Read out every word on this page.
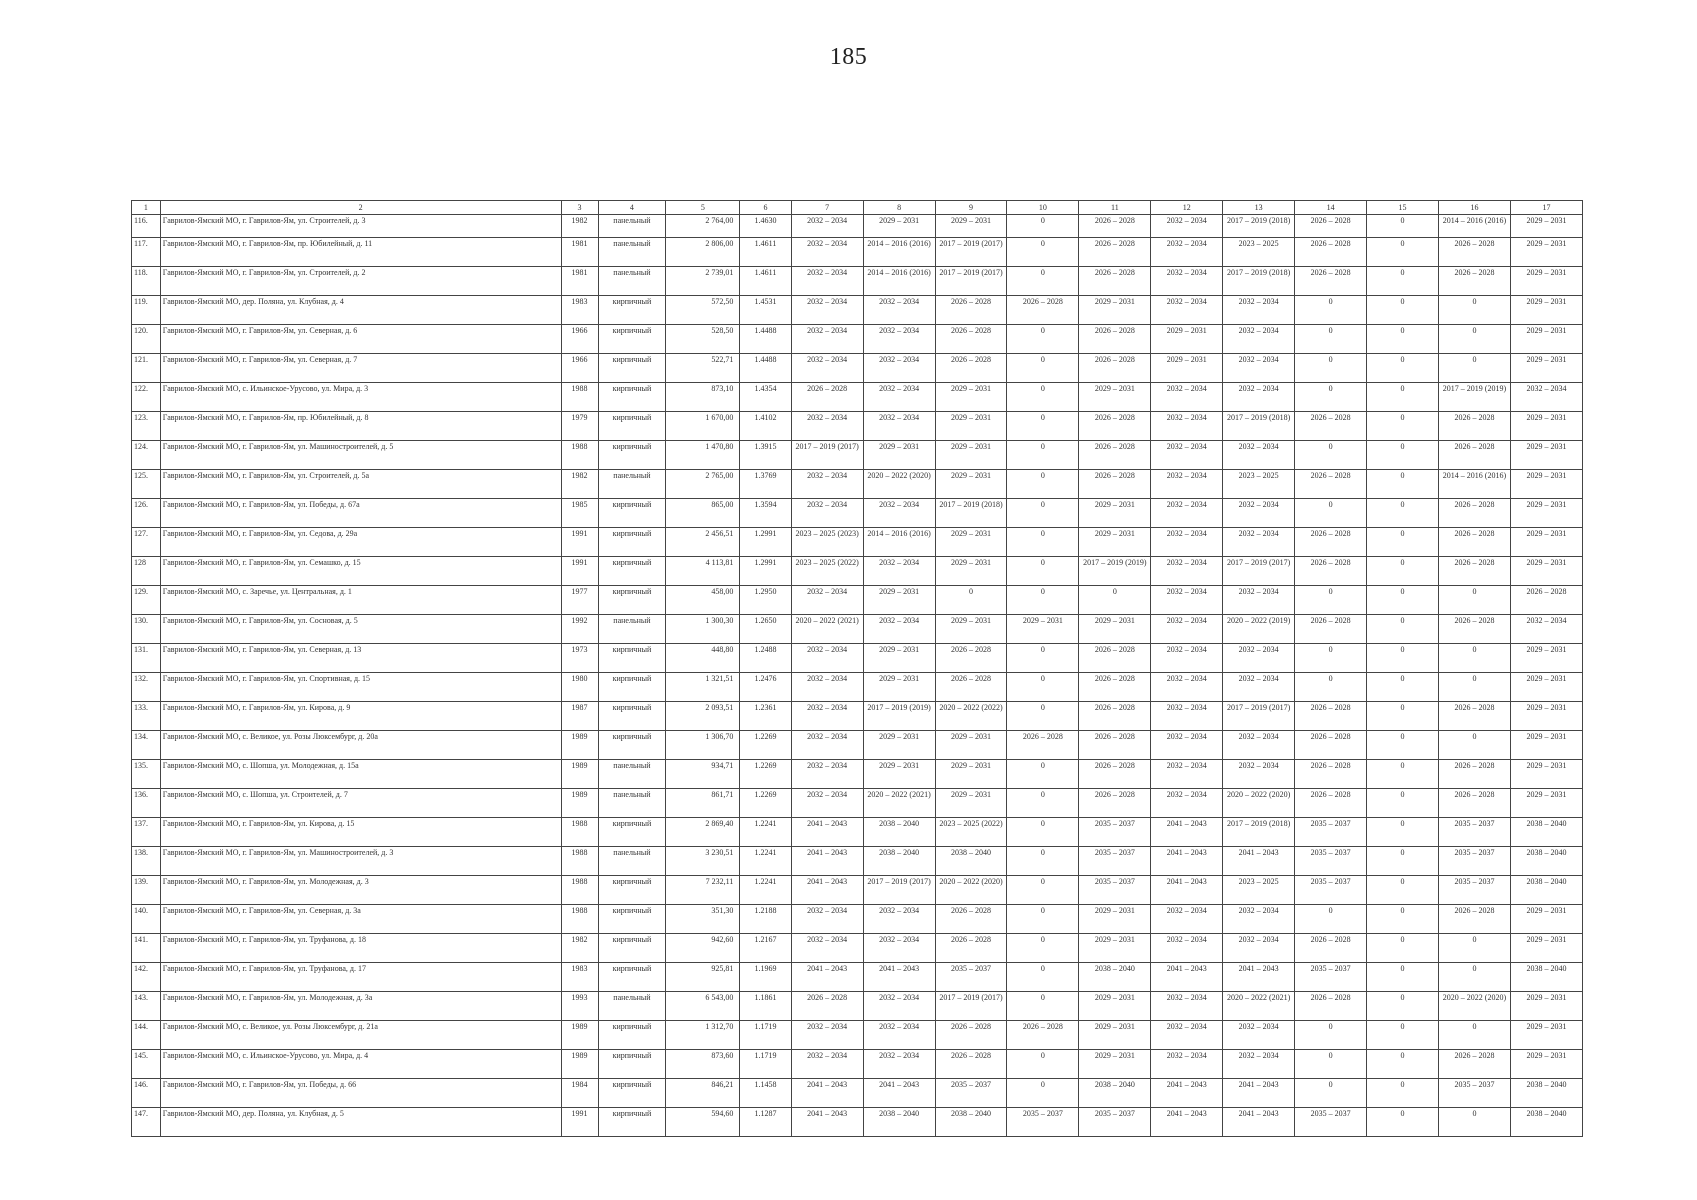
185
1	2	3	4	5	6	7	8	9	10	11	12	13	14	15	16	17
116.	Гаврилов-Ямский МО, г. Гаврилов-Ям, ул. Строителей, д. 3	1982	панельный	2 764,00	1.4630	2032 – 2034	2029 – 2031	2029 – 2031	0	2026 – 2028	2032 – 2034	2017 – 2019 (2018)	2026 – 2028	0	2014 – 2016 (2016)	2029 – 2031
117.	Гаврилов-Ямский МО, г. Гаврилов-Ям, пр. Юбилейный, д. 11	1981	панельный	2 806,00	1.4611	2032 – 2034	2014 – 2016 (2016)	2017 – 2019 (2017)	0	2026 – 2028	2032 – 2034	2023 – 2025	2026 – 2028	0	2026 – 2028	2029 – 2031
118.	Гаврилов-Ямский МО, г. Гаврилов-Ям, ул. Строителей, д. 2	1981	панельный	2 739,01	1.4611	2032 – 2034	2014 – 2016 (2016)	2017 – 2019 (2017)	0	2026 – 2028	2032 – 2034	2017 – 2019 (2018)	2026 – 2028	0	2026 – 2028	2029 – 2031
119.	Гаврилов-Ямский МО, дер. Поляна, ул. Клубная, д. 4	1983	кирпичный	572,50	1.4531	2032 – 2034	2032 – 2034	2026 – 2028	2026 – 2028	2029 – 2031	2032 – 2034	2032 – 2034	0	0	0	2029 – 2031
120.	Гаврилов-Ямский МО, г. Гаврилов-Ям, ул. Северная, д. 6	1966	кирпичный	528,50	1.4488	2032 – 2034	2032 – 2034	2026 – 2028	0	2026 – 2028	2029 – 2031	2032 – 2034	0	0	0	2029 – 2031
121.	Гаврилов-Ямский МО, г. Гаврилов-Ям, ул. Северная, д. 7	1966	кирпичный	522,71	1.4488	2032 – 2034	2032 – 2034	2026 – 2028	0	2026 – 2028	2029 – 2031	2032 – 2034	0	0	0	2029 – 2031
122.	Гаврилов-Ямский МО, с. Ильинское-Урусово, ул. Мира, д. 3	1988	кирпичный	873,10	1.4354	2026 – 2028	2032 – 2034	2029 – 2031	0	2029 – 2031	2032 – 2034	2032 – 2034	0	0	2017 – 2019 (2019)	2032 – 2034
123.	Гаврилов-Ямский МО, г. Гаврилов-Ям, пр. Юбилейный, д. 8	1979	кирпичный	1 670,00	1.4102	2032 – 2034	2032 – 2034	2029 – 2031	0	2026 – 2028	2032 – 2034	2017 – 2019 (2018)	2026 – 2028	0	2026 – 2028	2029 – 2031
124.	Гаврилов-Ямский МО, г. Гаврилов-Ям, ул. Машиностроителей, д. 5	1988	кирпичный	1 470,80	1.3915	2017 – 2019 (2017)	2029 – 2031	2029 – 2031	0	2026 – 2028	2032 – 2034	2032 – 2034	0	0	2026 – 2028	2029 – 2031
125.	Гаврилов-Ямский МО, г. Гаврилов-Ям, ул. Строителей, д. 5а	1982	панельный	2 765,00	1.3769	2032 – 2034	2020 – 2022 (2020)	2029 – 2031	0	2026 – 2028	2032 – 2034	2023 – 2025	2026 – 2028	0	2014 – 2016 (2016)	2029 – 2031
126.	Гаврилов-Ямский МО, г. Гаврилов-Ям, ул. Победы, д. 67а	1985	кирпичный	865,00	1.3594	2032 – 2034	2032 – 2034	2017 – 2019 (2018)	0	2029 – 2031	2032 – 2034	2032 – 2034	0	0	2026 – 2028	2029 – 2031
127.	Гаврилов-Ямский МО, г. Гаврилов-Ям, ул. Седова, д. 29а	1991	кирпичный	2 456,51	1.2991	2023 – 2025 (2023)	2014 – 2016 (2016)	2029 – 2031	0	2029 – 2031	2032 – 2034	2032 – 2034	2026 – 2028	0	2026 – 2028	2029 – 2031
128	Гаврилов-Ямский МО, г. Гаврилов-Ям, ул. Семашко, д. 15	1991	кирпичный	4 113,81	1.2991	2023 – 2025 (2022)	2032 – 2034	2029 – 2031	0	2017 – 2019 (2019)	2032 – 2034	2017 – 2019 (2017)	2026 – 2028	0	2026 – 2028	2029 – 2031
129.	Гаврилов-Ямский МО, с. Заречье, ул. Центральная, д. 1	1977	кирпичный	458,00	1.2950	2032 – 2034	2029 – 2031	0	0	0	2032 – 2034	2032 – 2034	0	0	0	2026 – 2028
130.	Гаврилов-Ямский МО, г. Гаврилов-Ям, ул. Сосновая, д. 5	1992	панельный	1 300,30	1.2650	2020 – 2022 (2021)	2032 – 2034	2029 – 2031	2029 – 2031	2029 – 2031	2032 – 2034	2020 – 2022 (2019)	2026 – 2028	0	2026 – 2028	2032 – 2034
131.	Гаврилов-Ямский МО, г. Гаврилов-Ям, ул. Северная, д. 13	1973	кирпичный	448,80	1.2488	2032 – 2034	2029 – 2031	2026 – 2028	0	2026 – 2028	2032 – 2034	2032 – 2034	0	0	0	2029 – 2031
132.	Гаврилов-Ямский МО, г. Гаврилов-Ям, ул. Спортивная, д. 15	1980	кирпичный	1 321,51	1.2476	2032 – 2034	2029 – 2031	2026 – 2028	0	2026 – 2028	2032 – 2034	2032 – 2034	0	0	0	2029 – 2031
133.	Гаврилов-Ямский МО, г. Гаврилов-Ям, ул. Кирова, д. 9	1987	кирпичный	2 093,51	1.2361	2032 – 2034	2017 – 2019 (2019)	2020 – 2022 (2022)	0	2026 – 2028	2032 – 2034	2017 – 2019 (2017)	2026 – 2028	0	2026 – 2028	2029 – 2031
134.	Гаврилов-Ямский МО, с. Великое, ул. Розы Люксембург, д. 20а	1989	кирпичный	1 306,70	1.2269	2032 – 2034	2029 – 2031	2029 – 2031	2026 – 2028	2026 – 2028	2032 – 2034	2032 – 2034	2026 – 2028	0	0	2029 – 2031
135.	Гаврилов-Ямский МО, с. Шопша, ул. Молодежная, д. 15а	1989	панельный	934,71	1.2269	2032 – 2034	2029 – 2031	2029 – 2031	0	2026 – 2028	2032 – 2034	2032 – 2034	2026 – 2028	0	2026 – 2028	2029 – 2031
136.	Гаврилов-Ямский МО, с. Шопша, ул. Строителей, д. 7	1989	панельный	861,71	1.2269	2032 – 2034	2020 – 2022 (2021)	2029 – 2031	0	2026 – 2028	2032 – 2034	2020 – 2022 (2020)	2026 – 2028	0	2026 – 2028	2029 – 2031
137.	Гаврилов-Ямский МО, г. Гаврилов-Ям, ул. Кирова, д. 15	1988	кирпичный	2 869,40	1.2241	2041 – 2043	2038 – 2040	2023 – 2025 (2022)	0	2035 – 2037	2041 – 2043	2017 – 2019 (2018)	2035 – 2037	0	2035 – 2037	2038 – 2040
138.	Гаврилов-Ямский МО, г. Гаврилов-Ям, ул. Машиностроителей, д. 3	1988	панельный	3 230,51	1.2241	2041 – 2043	2038 – 2040	2038 – 2040	0	2035 – 2037	2041 – 2043	2041 – 2043	2035 – 2037	0	2035 – 2037	2038 – 2040
139.	Гаврилов-Ямский МО, г. Гаврилов-Ям, ул. Молодежная, д. 3	1988	кирпичный	7 232,11	1.2241	2041 – 2043	2017 – 2019 (2017)	2020 – 2022 (2020)	0	2035 – 2037	2041 – 2043	2023 – 2025	2035 – 2037	0	2035 – 2037	2038 – 2040
140.	Гаврилов-Ямский МО, г. Гаврилов-Ям, ул. Северная, д. 3а	1988	кирпичный	351,30	1.2188	2032 – 2034	2032 – 2034	2026 – 2028	0	2029 – 2031	2032 – 2034	2032 – 2034	0	0	2026 – 2028	2029 – 2031
141.	Гаврилов-Ямский МО, г. Гаврилов-Ям, ул. Труфанова, д. 18	1982	кирпичный	942,60	1.2167	2032 – 2034	2032 – 2034	2026 – 2028	0	2029 – 2031	2032 – 2034	2032 – 2034	2026 – 2028	0	0	2029 – 2031
142.	Гаврилов-Ямский МО, г. Гаврилов-Ям, ул. Труфанова, д. 17	1983	кирпичный	925,81	1.1969	2041 – 2043	2041 – 2043	2035 – 2037	0	2038 – 2040	2041 – 2043	2041 – 2043	2035 – 2037	0	0	2038 – 2040
143.	Гаврилов-Ямский МО, г. Гаврилов-Ям, ул. Молодежная, д. 3а	1993	панельный	6 543,00	1.1861	2026 – 2028	2032 – 2034	2017 – 2019 (2017)	0	2029 – 2031	2032 – 2034	2020 – 2022 (2021)	2026 – 2028	0	2020 – 2022 (2020)	2029 – 2031
144.	Гаврилов-Ямский МО, с. Великое, ул. Розы Люксембург, д. 21а	1989	кирпичный	1 312,70	1.1719	2032 – 2034	2032 – 2034	2026 – 2028	2026 – 2028	2029 – 2031	2032 – 2034	2032 – 2034	0	0	0	2029 – 2031
145.	Гаврилов-Ямский МО, с. Ильинское-Урусово, ул. Мира, д. 4	1989	кирпичный	873,60	1.1719	2032 – 2034	2032 – 2034	2026 – 2028	0	2029 – 2031	2032 – 2034	2032 – 2034	0	0	2026 – 2028	2029 – 2031
146.	Гаврилов-Ямский МО, г. Гаврилов-Ям, ул. Победы, д. 66	1984	кирпичный	846,21	1.1458	2041 – 2043	2041 – 2043	2035 – 2037	0	2038 – 2040	2041 – 2043	2041 – 2043	0	0	2035 – 2037	2038 – 2040
147.	Гаврилов-Ямский МО, дер. Поляна, ул. Клубная, д. 5	1991	кирпичный	594,60	1.1287	2041 – 2043	2038 – 2040	2038 – 2040	2035 – 2037	2035 – 2037	2041 – 2043	2041 – 2043	2035 – 2037	0	0	2038 – 2040
